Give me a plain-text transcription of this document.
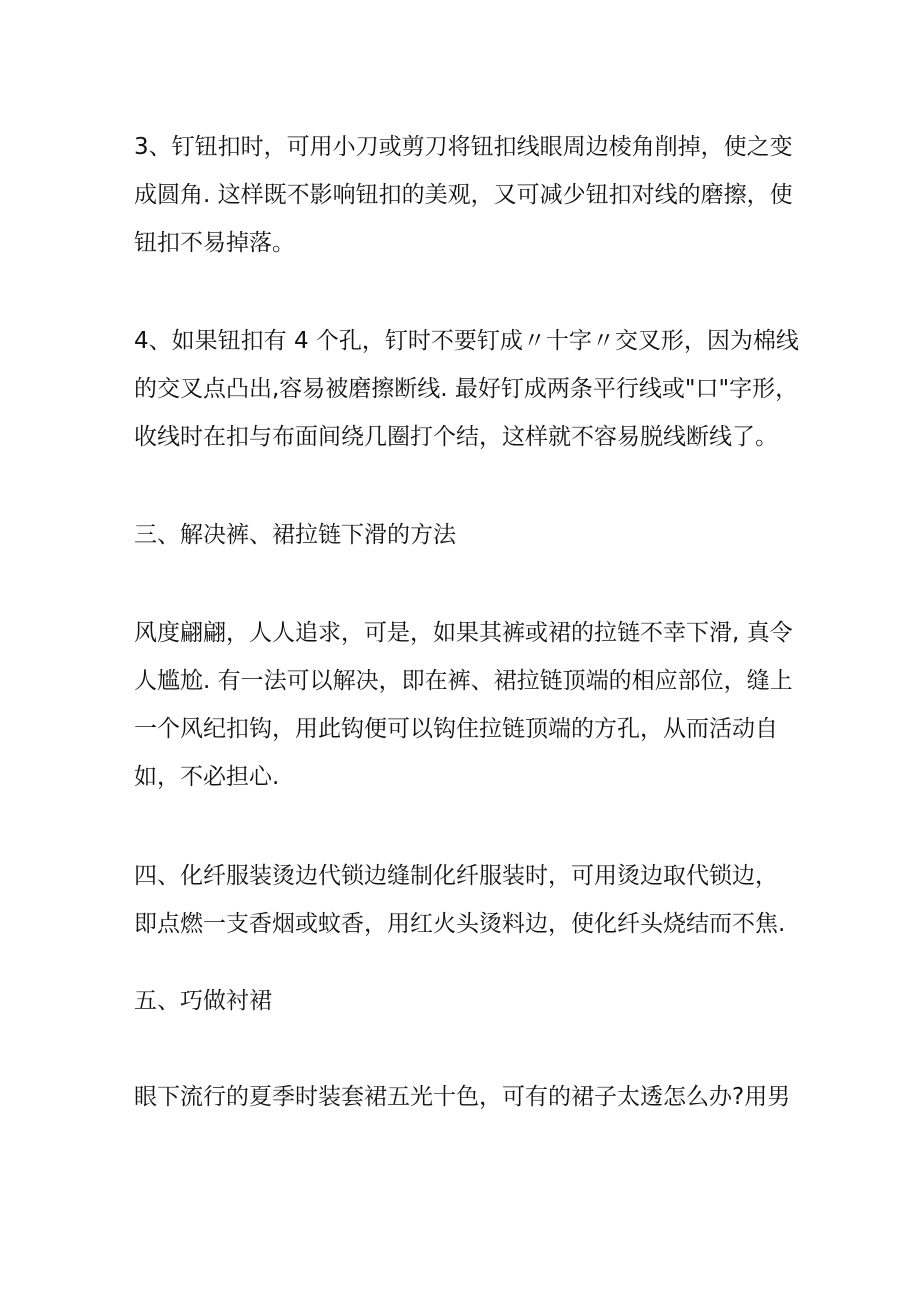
3、钉钮扣时，可用小刀或剪刀将钮扣线眼周边棱角削掉，使之变
成圆角. 这样既不影响钮扣的美观，又可减少钮扣对线的磨擦，使
钮扣不易掉落。

4、如果钮扣有 4 个孔，钉时不要钉成〃十字〃交叉形，因为棉线
的交叉点凸出,容易被磨擦断线. 最好钉成两条平行线或"口"字形，
收线时在扣与布面间绕几圈打个结，这样就不容易脱线断线了。

三、解决裤、裙拉链下滑的方法

风度翩翩，人人追求，可是，如果其裤或裙的拉链不幸下滑, 真令
人尴尬. 有一法可以解决，即在裤、裙拉链顶端的相应部位，缝上
一个风纪扣钩，用此钩便可以钩住拉链顶端的方孔，从而活动自
如，不必担心.

四、化纤服装烫边代锁边缝制化纤服装时，可用烫边取代锁边，
即点燃一支香烟或蚊香，用红火头烫料边，使化纤头烧结而不焦.

五、巧做衬裙

眼下流行的夏季时装套裙五光十色，可有的裙子太透怎么办?用男
